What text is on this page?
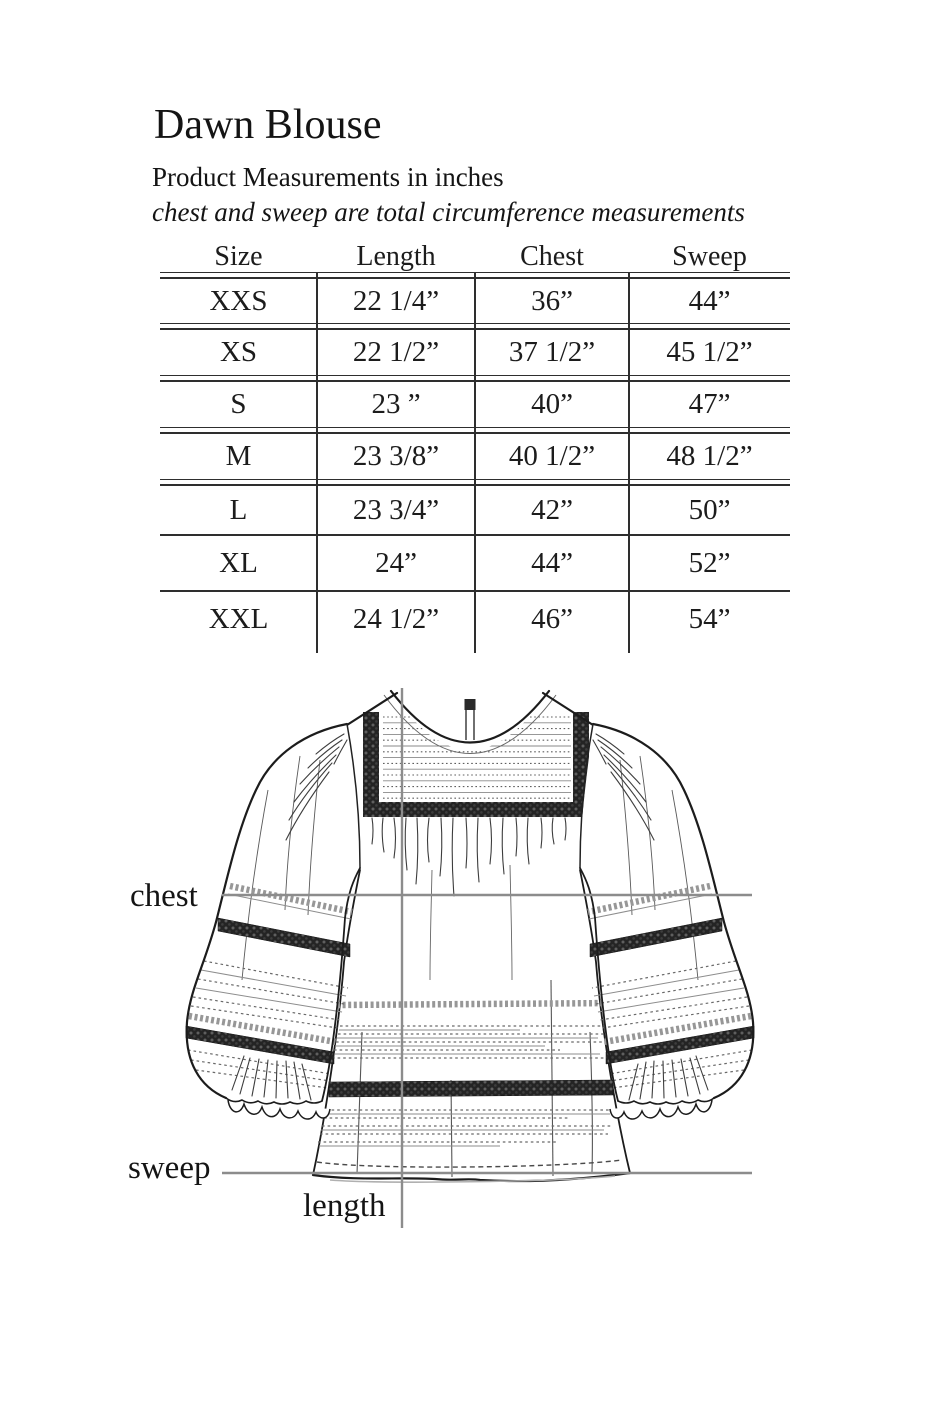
Dawn Blouse
Product Measurements in inches
chest and sweep are total circumference measurements
Size	Length	Chest	Sweep
XXS	22 1/4”	36”	44”
XS	22 1/2”	37 1/2”	45 1/2”
S	23 ”	40”	47”
M	23 3/8”	40 1/2”	48 1/2”
L	23 3/4”	42”	50”
XL	24”	44”	52”
XXL	24 1/2”	46”	54”
chest
sweep
length
